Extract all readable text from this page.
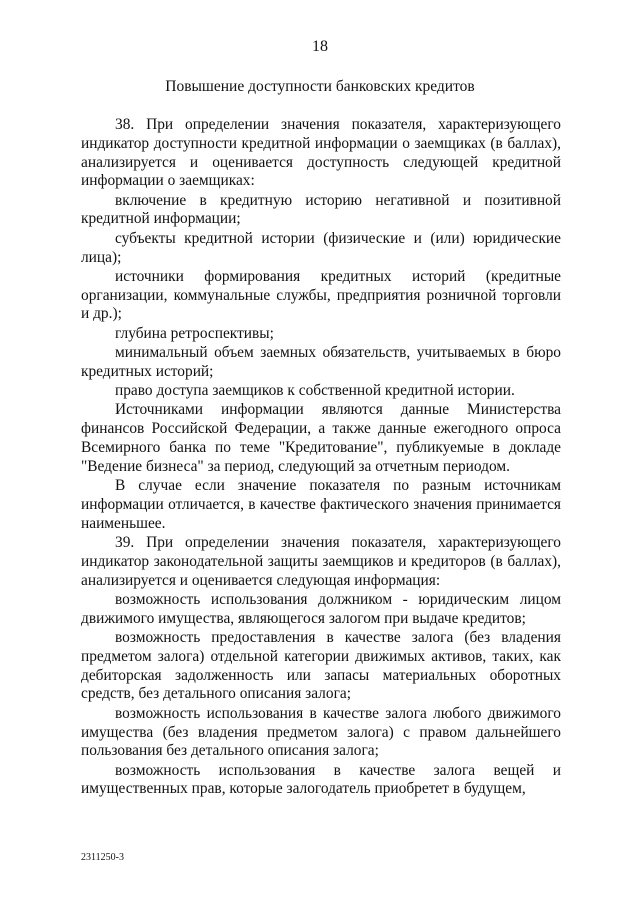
18
Повышение доступности банковских кредитов

38. При определении значения показателя, характеризующего индикатор доступности кредитной информации о заемщиках (в баллах), анализируется и оценивается доступность следующей кредитной информации о заемщиках:

включение в кредитную историю негативной и позитивной кредитной информации;

субъекты кредитной истории (физические и (или) юридические лица);

источники формирования кредитных историй (кредитные организации, коммунальные службы, предприятия розничной торговли и др.);

глубина ретроспективы;

минимальный объем заемных обязательств, учитываемых в бюро кредитных историй;

право доступа заемщиков к собственной кредитной истории.

Источниками информации являются данные Министерства финансов Российской Федерации, а также данные ежегодного опроса Всемирного банка по теме "Кредитование", публикуемые в докладе "Ведение бизнеса" за период, следующий за отчетным периодом.

В случае если значение показателя по разным источникам информации отличается, в качестве фактического значения принимается наименьшее.

39. При определении значения показателя, характеризующего индикатор законодательной защиты заемщиков и кредиторов (в баллах), анализируется и оценивается следующая информация:

возможность использования должником - юридическим лицом движимого имущества, являющегося залогом при выдаче кредитов;

возможность предоставления в качестве залога (без владения предметом залога) отдельной категории движимых активов, таких, как дебиторская задолженность или запасы материальных оборотных средств, без детального описания залога;

возможность использования в качестве залога любого движимого имущества (без владения предметом залога) с правом дальнейшего пользования без детального описания залога;

возможность использования в качестве залога вещей и имущественных прав, которые залогодатель приобретет в будущем,

2311250-3
